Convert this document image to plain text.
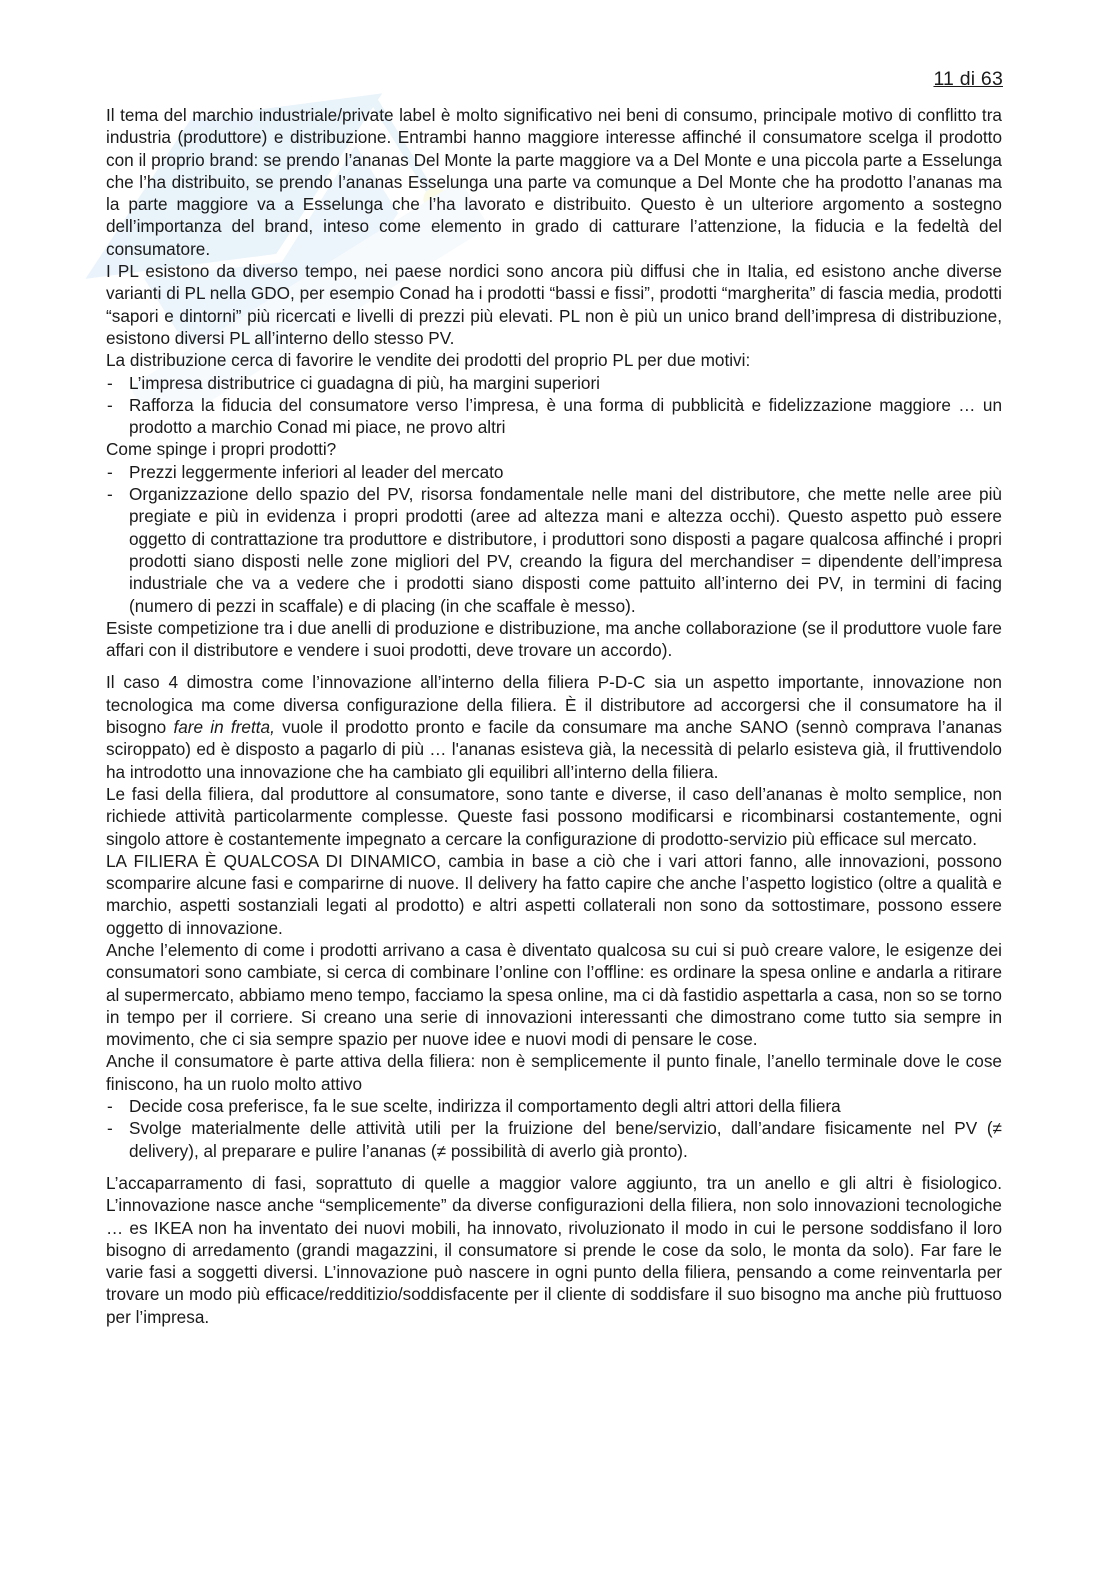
11 di 63

Il tema del marchio industriale/private label è molto significativo nei beni di consumo, principale motivo di conflitto tra industria (produttore) e distribuzione. Entrambi hanno maggiore interesse affinché il consumatore scelga il prodotto con il proprio brand: se prendo l’ananas Del Monte la parte maggiore va a Del Monte e una piccola parte a Esselunga che l’ha distribuito, se prendo l’ananas Esselunga una parte va comunque a Del Monte che ha prodotto l’ananas ma la parte maggiore va a Esselunga che l’ha lavorato e distribuito. Questo è un ulteriore argomento a sostegno dell’importanza del brand, inteso come elemento in grado di catturare l’attenzione, la fiducia e la fedeltà del consumatore.

I PL esistono da diverso tempo, nei paese nordici sono ancora più diffusi che in Italia, ed esistono anche diverse varianti di PL nella GDO, per esempio Conad ha i prodotti “bassi e fissi”, prodotti “margherita” di fascia media, prodotti “sapori e dintorni” più ricercati e livelli di prezzi più elevati. PL non è più un unico brand dell’impresa di distribuzione, esistono diversi PL all’interno dello stesso PV.

La distribuzione cerca di favorire le vendite dei prodotti del proprio PL per due motivi:

- L’impresa distributrice ci guadagna di più, ha margini superiori
- Rafforza la fiducia del consumatore verso l’impresa, è una forma di pubblicità e fidelizzazione maggiore … un prodotto a marchio Conad mi piace, ne provo altri

Come spinge i propri prodotti?

- Prezzi leggermente inferiori al leader del mercato
- Organizzazione dello spazio del PV, risorsa fondamentale nelle mani del distributore, che mette nelle aree più pregiate e più in evidenza i propri prodotti (aree ad altezza mani e altezza occhi). Questo aspetto può essere oggetto di contrattazione tra produttore e distributore, i produttori sono disposti a pagare qualcosa affinché i propri prodotti siano disposti nelle zone migliori del PV, creando la figura del merchandiser = dipendente dell’impresa industriale che va a vedere che i prodotti siano disposti come pattuito all’interno dei PV, in termini di facing (numero di pezzi in scaffale) e di placing (in che scaffale è messo).

Esiste competizione tra i due anelli di produzione e distribuzione, ma anche collaborazione (se il produttore vuole fare affari con il distributore e vendere i suoi prodotti, deve trovare un accordo).

Il caso 4 dimostra come l’innovazione all’interno della filiera P-D-C sia un aspetto importante, innovazione non tecnologica ma come diversa configurazione della filiera. È il distributore ad accorgersi che il consumatore ha il bisogno fare in fretta, vuole il prodotto pronto e facile da consumare ma anche SANO (sennò comprava l’ananas sciroppato) ed è disposto a pagarlo di più … l'ananas esisteva già, la necessità di pelarlo esisteva già, il fruttivendolo ha introdotto una innovazione che ha cambiato gli equilibri all’interno della filiera.

Le fasi della filiera, dal produttore al consumatore, sono tante e diverse, il caso dell’ananas è molto semplice, non richiede attività particolarmente complesse. Queste fasi possono modificarsi e ricombinarsi costantemente, ogni singolo attore è costantemente impegnato a cercare la configurazione di prodotto-servizio più efficace sul mercato.

LA FILIERA È QUALCOSA DI DINAMICO, cambia in base a ciò che i vari attori fanno, alle innovazioni, possono scomparire alcune fasi e comparirne di nuove. Il delivery ha fatto capire che anche l’aspetto logistico (oltre a qualità e marchio, aspetti sostanziali legati al prodotto) e altri aspetti collaterali non sono da sottostimare, possono essere oggetto di innovazione.

Anche l’elemento di come i prodotti arrivano a casa è diventato qualcosa su cui si può creare valore, le esigenze dei consumatori sono cambiate, si cerca di combinare l’online con l’offline: es ordinare la spesa online e andarla a ritirare al supermercato, abbiamo meno tempo, facciamo la spesa online, ma ci dà fastidio aspettarla a casa, non so se torno in tempo per il corriere. Si creano una serie di innovazioni interessanti che dimostrano come tutto sia sempre in movimento, che ci sia sempre spazio per nuove idee e nuovi modi di pensare le cose.

Anche il consumatore è parte attiva della filiera: non è semplicemente il punto finale, l’anello terminale dove le cose finiscono, ha un ruolo molto attivo

- Decide cosa preferisce, fa le sue scelte, indirizza il comportamento degli altri attori della filiera
- Svolge materialmente delle attività utili per la fruizione del bene/servizio, dall’andare fisicamente nel PV (≠ delivery), al preparare e pulire l’ananas (≠ possibilità di averlo già pronto).

L’accaparramento di fasi, soprattuto di quelle a maggior valore aggiunto, tra un anello e gli altri è fisiologico. L’innovazione nasce anche “semplicemente” da diverse configurazioni della filiera, non solo innovazioni tecnologiche … es IKEA non ha inventato dei nuovi mobili, ha innovato, rivoluzionato il modo in cui le persone soddisfano il loro bisogno di arredamento (grandi magazzini, il consumatore si prende le cose da solo, le monta da solo). Far fare le varie fasi a soggetti diversi. L’innovazione può nascere in ogni punto della filiera, pensando a come reinventarla per trovare un modo più efficace/redditizio/soddisfacente per il cliente di soddisfare il suo bisogno ma anche più fruttuoso per l’impresa.
